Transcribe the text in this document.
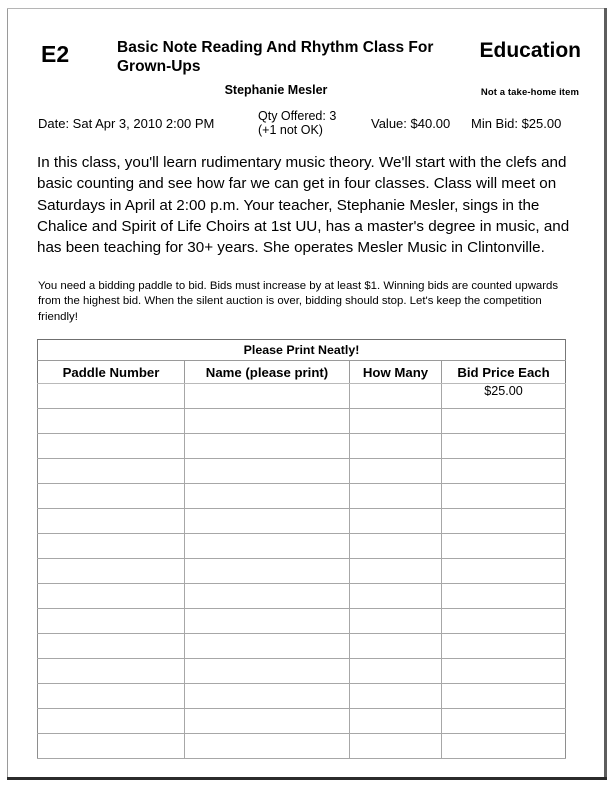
E2	Basic Note Reading And Rhythm Class For Grown-Ups
Education
Stephanie Mesler	Not a take-home item
Date: Sat Apr 3, 2010 2:00 PM	Qty Offered: 3
(+1 not OK)	Value: $40.00 Min Bid: $25.00
In this class, you'll learn rudimentary music theory. We'll start with the clefs and basic counting and see how far we can get in four classes. Class will meet on Saturdays in April at 2:00 p.m. Your teacher, Stephanie Mesler, sings in the Chalice and Spirit of Life Choirs at 1st UU, has a master's degree in music, and has been teaching for 30+ years. She operates Mesler Music in Clintonville.
You need a bidding paddle to bid. Bids must increase by at least $1. Winning bids are counted upwards from the highest bid. When the silent auction is over, bidding should stop. Let's keep the competition friendly!
Please Print Neatly!			
Paddle Number	Name (please print)	How Many	Bid Price Each
			$25.00
